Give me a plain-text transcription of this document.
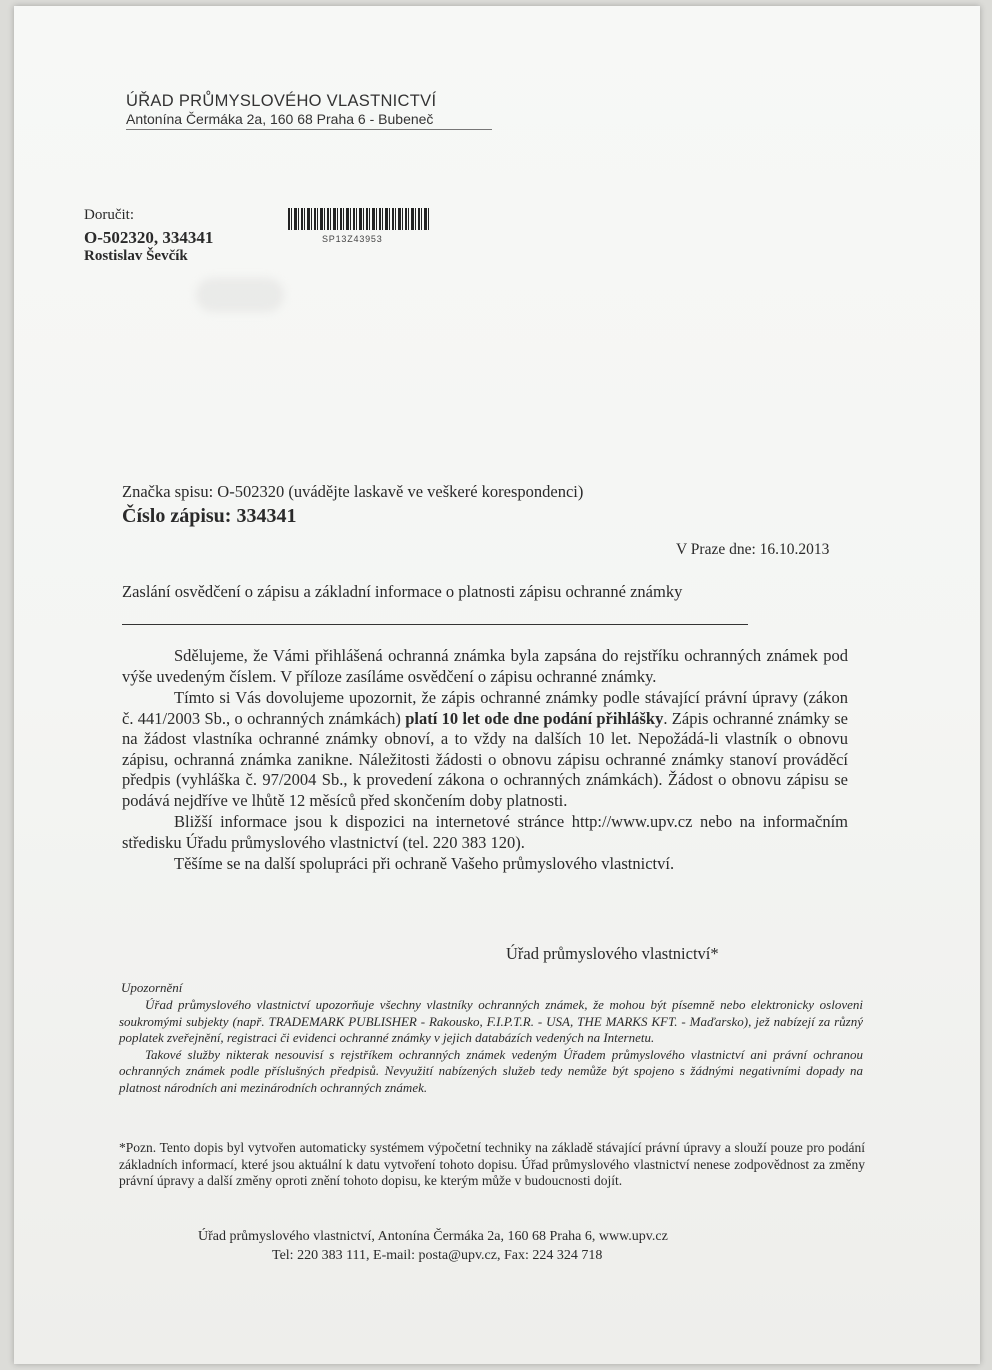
ÚŘAD PRŮMYSLOVÉHO VLASTNICTVÍ
Antonína Čermáka 2a, 160 68 Praha 6 - Bubeneč
Doručit:
O-502320, 334341
Rostislav Ševčík
SP13Z43953
Značka spisu: O-502320 (uvádějte laskavě ve veškeré korespondenci)
Číslo zápisu: 334341
V Praze dne: 16.10.2013
Zaslání osvědčení o zápisu a základní informace o platnosti zápisu ochranné známky

Sdělujeme, že Vámi přihlášená ochranná známka byla zapsána do rejstříku ochranných známek pod výše uvedeným číslem. V příloze zasíláme osvědčení o zápisu ochranné známky.

Tímto si Vás dovolujeme upozornit, že zápis ochranné známky podle stávající právní úpravy (zákon č. 441/2003 Sb., o ochranných známkách) platí 10 let ode dne podání přihlášky. Zápis ochranné známky se na žádost vlastníka ochranné známky obnoví, a to vždy na dalších 10 let. Nepožádá-li vlastník o obnovu zápisu, ochranná známka zanikne. Náležitosti žádosti o obnovu zápisu ochranné známky stanoví prováděcí předpis (vyhláška č. 97/2004 Sb., k provedení zákona o ochranných známkách). Žádost o obnovu zápisu se podává nejdříve ve lhůtě 12 měsíců před skončením doby platnosti.

Bližší informace jsou k dispozici na internetové stránce http://www.upv.cz nebo na informačním středisku Úřadu průmyslového vlastnictví (tel. 220 383 120).

Těšíme se na další spolupráci při ochraně Vašeho průmyslového vlastnictví.

Úřad průmyslového vlastnictví*
Upozornění

Úřad průmyslového vlastnictví upozorňuje všechny vlastníky ochranných známek, že mohou být písemně nebo elektronicky osloveni soukromými subjekty (např. TRADEMARK PUBLISHER - Rakousko, F.I.P.T.R. - USA, THE MARKS KFT. - Maďarsko), jež nabízejí za různý poplatek zveřejnění, registraci či evidenci ochranné známky v jejich databázích vedených na Internetu.

Takové služby nikterak nesouvisí s rejstříkem ochranných známek vedeným Úřadem průmyslového vlastnictví ani právní ochranou ochranných známek podle příslušných předpisů. Nevyužití nabízených služeb tedy nemůže být spojeno s žádnými negativními dopady na platnost národních ani mezinárodních ochranných známek.

*Pozn. Tento dopis byl vytvořen automaticky systémem výpočetní techniky na základě stávající právní úpravy a slouží pouze pro podání základních informací, které jsou aktuální k datu vytvoření tohoto dopisu. Úřad průmyslového vlastnictví nenese zodpovědnost za změny právní úpravy a další změny oproti znění tohoto dopisu, ke kterým může v budoucnosti dojít.
Úřad průmyslového vlastnictví, Antonína Čermáka 2a, 160 68 Praha 6, www.upv.cz
Tel: 220 383 111, E-mail: posta@upv.cz, Fax: 224 324 718
